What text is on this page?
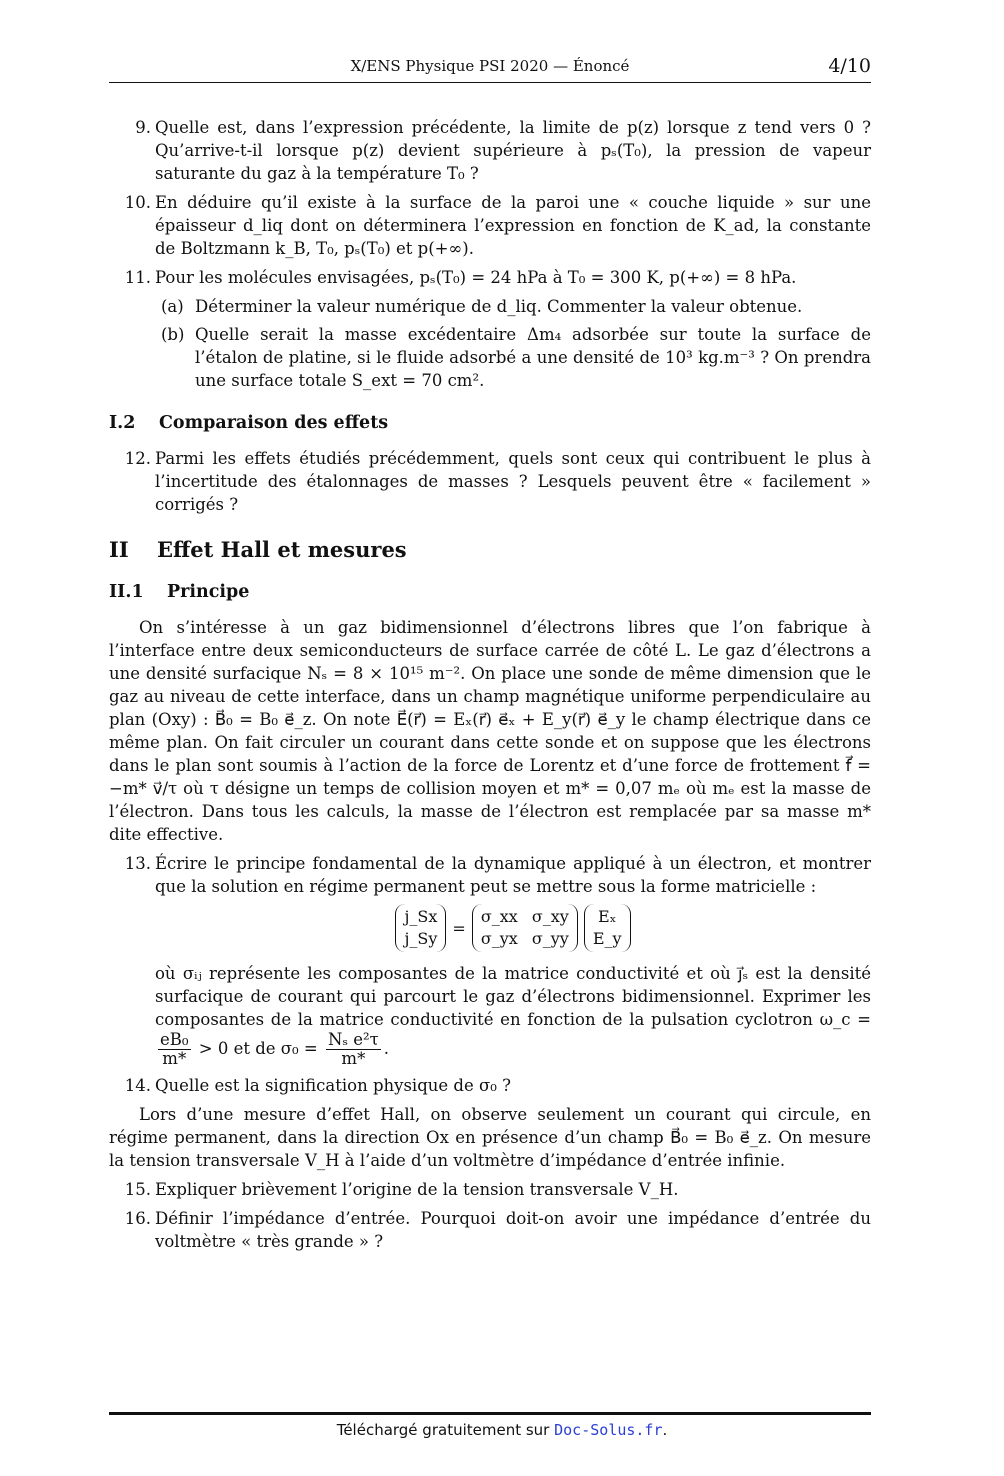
X/ENS Physique PSI 2020 — Énoncé	4/10
9. Quelle est, dans l’expression précédente, la limite de p(z) lorsque z tend vers 0 ? Qu’arrive-t-il lorsque p(z) devient supérieure à pₛ(T₀), la pression de vapeur saturante du gaz à la température T₀ ?
10. En déduire qu’il existe à la surface de la paroi une « couche liquide » sur une épaisseur d_liq dont on déterminera l’expression en fonction de K_ad, la constante de Boltzmann k_B, T₀, pₛ(T₀) et p(+∞).
11. Pour les molécules envisagées, pₛ(T₀) = 24 hPa à T₀ = 300 K, p(+∞) = 8 hPa.
(a) Déterminer la valeur numérique de d_liq. Commenter la valeur obtenue.
(b) Quelle serait la masse excédentaire Δm₄ adsorbée sur toute la surface de l’étalon de platine, si le fluide adsorbé a une densité de 10³ kg.m⁻³ ? On prendra une surface totale S_ext = 70 cm².
I.2 Comparaison des effets
12. Parmi les effets étudiés précédemment, quels sont ceux qui contribuent le plus à l’incertitude des étalonnages de masses ? Lesquels peuvent être « facilement » corrigés ?
II Effet Hall et mesures
II.1 Principe
On s’intéresse à un gaz bidimensionnel d’électrons libres que l’on fabrique à l’interface entre deux semiconducteurs de surface carrée de côté L. Le gaz d’électrons a une densité surfacique Nₛ = 8 × 10¹⁵ m⁻². On place une sonde de même dimension que le gaz au niveau de cette interface, dans un champ magnétique uniforme perpendiculaire au plan (Oxy) : B⃗₀ = B₀ e⃗_z. On note E⃗(r⃗) = Eₓ(r⃗) e⃗ₓ + E_y(r⃗) e⃗_y le champ électrique dans ce même plan. On fait circuler un courant dans cette sonde et on suppose que les électrons dans le plan sont soumis à l’action de la force de Lorentz et d’une force de frottement f⃗ = −m* v⃗/τ où τ désigne un temps de collision moyen et m* = 0,07 mₑ où mₑ est la masse de l’électron. Dans tous les calculs, la masse de l’électron est remplacée par sa masse m* dite effective.
13. Écrire le principe fondamental de la dynamique appliqué à un électron, et montrer que la solution en régime permanent peut se mettre sous la forme matricielle :
j_Sx
j_Sy
=
σ_xx σ_xy
σ_yx σ_yy
Eₓ
E_y
où σᵢⱼ représente les composantes de la matrice conductivité et où j⃗ₛ est la densité surfacique de courant qui parcourt le gaz d’électrons bidimensionnel. Exprimer les composantes de la matrice conductivité en fonction de la pulsation cyclotron ω_c =
$\frac{\text{eB₀}}{m*} > 0$ et de $\sigma_0 = \frac{\text{Nₛ e²τ}}{m*}$ .
14. Quelle est la signification physique de σ₀ ?
Lors d’une mesure d’effet Hall, on observe seulement un courant qui circule, en régime permanent, dans la direction Ox en présence d’un champ B⃗₀ = B₀ e⃗_z. On mesure la tension transversale V_H à l’aide d’un voltmètre d’impédance d’entrée infinie.
15. Expliquer brièvement l’origine de la tension transversale V_H.
16. Définir l’impédance d’entrée. Pourquoi doit-on avoir une impédance d’entrée du voltmètre « très grande » ?
Téléchargé gratuitement sur Doc-Solus.fr.
